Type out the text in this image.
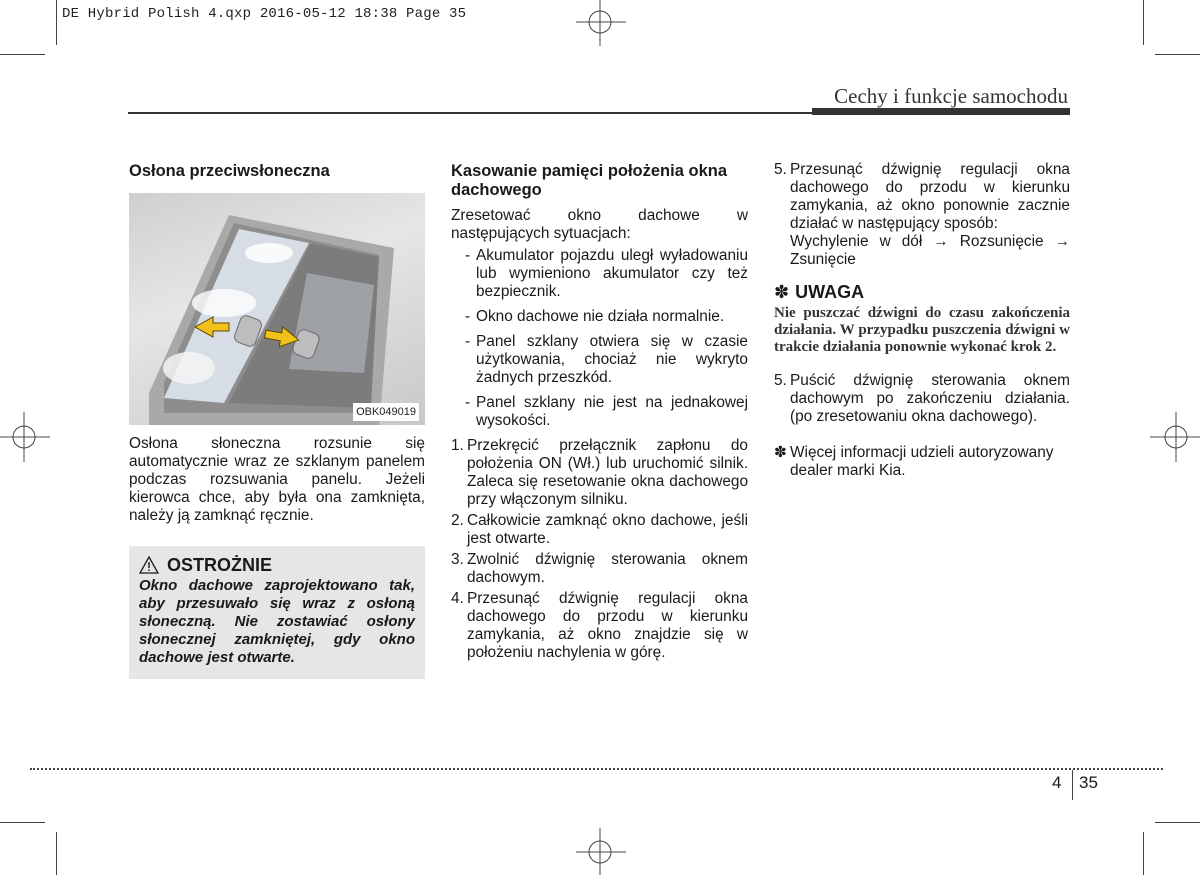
DE Hybrid Polish 4.qxp 2016-05-12 18:38 Page 35
Cechy i funkcje samochodu
Osłona przeciwsłoneczna
OBK049019

Osłona słoneczna rozsunie się automatycznie wraz ze szklanym panelem podczas rozsuwania panelu. Jeżeli kierowca chce, aby była ona zamknięta, należy ją zamknąć ręcznie.

OSTROŻNIE
Okno dachowe zaprojektowano tak, aby przesuwało się wraz z osłoną słoneczną. Nie zostawiać osłony słonecznej zamkniętej, gdy okno dachowe jest otwarte.
Kasowanie pamięci położenia okna dachowego

Zresetować okno dachowe w następujących sytuacjach:

- Akumulator pojazdu uległ wyładowaniu lub wymieniono akumulator czy też bezpiecznik.
- Okno dachowe nie działa normalnie.
- Panel szklany otwiera się w czasie użytkowania, chociaż nie wykryto żadnych przeszkód.
- Panel szklany nie jest na jednakowej wysokości.
1. Przekręcić przełącznik zapłonu do położenia ON (Wł.) lub uruchomić silnik. Zaleca się resetowanie okna dachowego przy włączonym silniku.
2. Całkowicie zamknąć okno dachowe, jeśli jest otwarte.
3. Zwolnić dźwignię sterowania oknem dachowym.
4. Przesunąć dźwignię regulacji okna dachowego do przodu w kierunku zamykania, aż okno znajdzie się w położeniu nachylenia w górę.
5. Przesunąć dźwignię regulacji okna dachowego do przodu w kierunku zamykania, aż okno ponownie zacznie działać w następujący sposób:
Wychylenie w dół → Rozsunięcie → Zsunięcie
✽ UWAGA
Nie puszczać dźwigni do czasu zakończenia działania. W przypadku puszczenia dźwigni w trakcie działania ponownie wykonać krok 2.
5. Puścić dźwignię sterowania oknem dachowym po zakończeniu działania. (po zresetowaniu okna dachowego).
✽ Więcej informacji udzieli autoryzowany dealer marki Kia.
4 35
